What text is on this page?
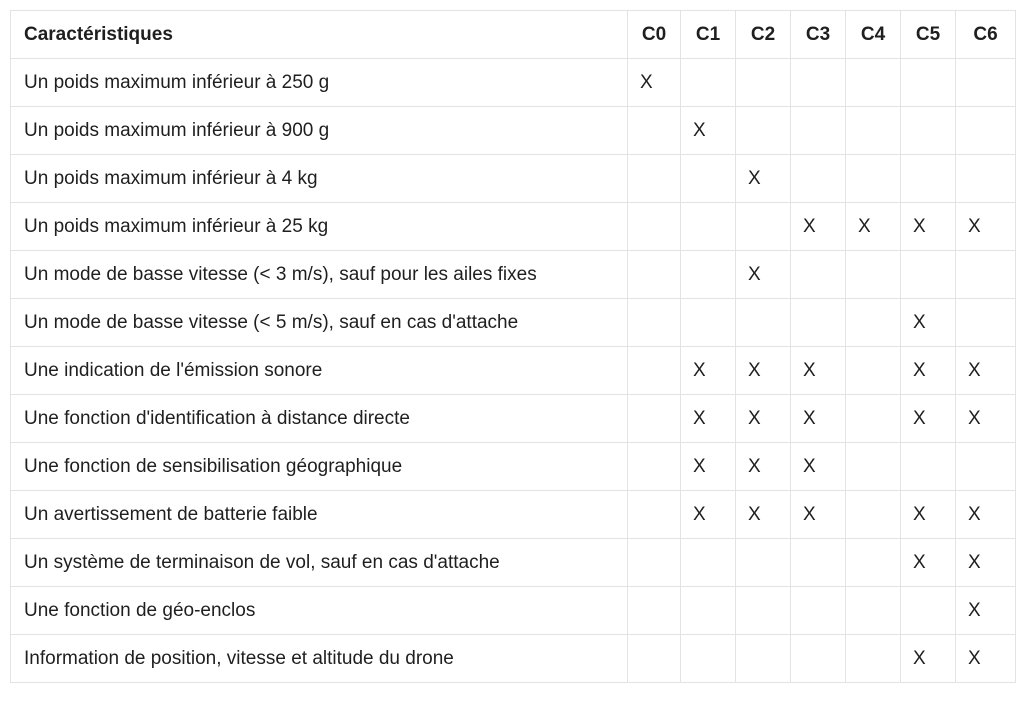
Caractéristiques	C0	C1	C2	C3	C4	C5	C6
Un poids maximum inférieur à 250 g	X						
Un poids maximum inférieur à 900 g		X					
Un poids maximum inférieur à 4 kg			X				
Un poids maximum inférieur à 25 kg				X	X	X	X
Un mode de basse vitesse (< 3 m/s), sauf pour les ailes fixes			X				
Un mode de basse vitesse (< 5 m/s), sauf en cas d'attache						X	
Une indication de l'émission sonore		X	X	X		X	X
Une fonction d'identification à distance directe		X	X	X		X	X
Une fonction de sensibilisation géographique		X	X	X			
Un avertissement de batterie faible		X	X	X		X	X
Un système de terminaison de vol, sauf en cas d'attache						X	X
Une fonction de géo-enclos							X
Information de position, vitesse et altitude du drone						X	X
